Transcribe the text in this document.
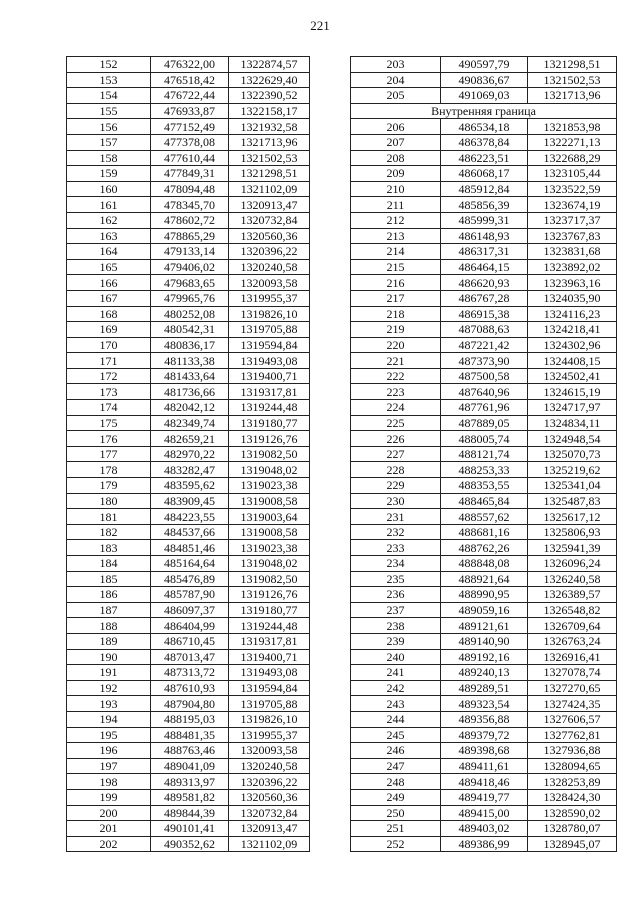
221
152	476322,00	1322874,57
153	476518,42	1322629,40
154	476722,44	1322390,52
155	476933,87	1322158,17
156	477152,49	1321932,58
157	477378,08	1321713,96
158	477610,44	1321502,53
159	477849,31	1321298,51
160	478094,48	1321102,09
161	478345,70	1320913,47
162	478602,72	1320732,84
163	478865,29	1320560,36
164	479133,14	1320396,22
165	479406,02	1320240,58
166	479683,65	1320093,58
167	479965,76	1319955,37
168	480252,08	1319826,10
169	480542,31	1319705,88
170	480836,17	1319594,84
171	481133,38	1319493,08
172	481433,64	1319400,71
173	481736,66	1319317,81
174	482042,12	1319244,48
175	482349,74	1319180,77
176	482659,21	1319126,76
177	482970,22	1319082,50
178	483282,47	1319048,02
179	483595,62	1319023,38
180	483909,45	1319008,58
181	484223,55	1319003,64
182	484537,66	1319008,58
183	484851,46	1319023,38
184	485164,64	1319048,02
185	485476,89	1319082,50
186	485787,90	1319126,76
187	486097,37	1319180,77
188	486404,99	1319244,48
189	486710,45	1319317,81
190	487013,47	1319400,71
191	487313,72	1319493,08
192	487610,93	1319594,84
193	487904,80	1319705,88
194	488195,03	1319826,10
195	488481,35	1319955,37
196	488763,46	1320093,58
197	489041,09	1320240,58
198	489313,97	1320396,22
199	489581,82	1320560,36
200	489844,39	1320732,84
201	490101,41	1320913,47
202	490352,62	1321102,09
203	490597,79	1321298,51
204	490836,67	1321502,53
205	491069,03	1321713,96
Внутренняя граница		
206	486534,18	1321853,98
207	486378,84	1322271,13
208	486223,51	1322688,29
209	486068,17	1323105,44
210	485912,84	1323522,59
211	485856,39	1323674,19
212	485999,31	1323717,37
213	486148,93	1323767,83
214	486317,31	1323831,68
215	486464,15	1323892,02
216	486620,93	1323963,16
217	486767,28	1324035,90
218	486915,38	1324116,23
219	487088,63	1324218,41
220	487221,42	1324302,96
221	487373,90	1324408,15
222	487500,58	1324502,41
223	487640,96	1324615,19
224	487761,96	1324717,97
225	487889,05	1324834,11
226	488005,74	1324948,54
227	488121,74	1325070,73
228	488253,33	1325219,62
229	488353,55	1325341,04
230	488465,84	1325487,83
231	488557,62	1325617,12
232	488681,16	1325806,93
233	488762,26	1325941,39
234	488848,08	1326096,24
235	488921,64	1326240,58
236	488990,95	1326389,57
237	489059,16	1326548,82
238	489121,61	1326709,64
239	489140,90	1326763,24
240	489192,16	1326916,41
241	489240,13	1327078,74
242	489289,51	1327270,65
243	489323,54	1327424,35
244	489356,88	1327606,57
245	489379,72	1327762,81
246	489398,68	1327936,88
247	489411,61	1328094,65
248	489418,46	1328253,89
249	489419,77	1328424,30
250	489415,00	1328590,02
251	489403,02	1328780,07
252	489386,99	1328945,07
